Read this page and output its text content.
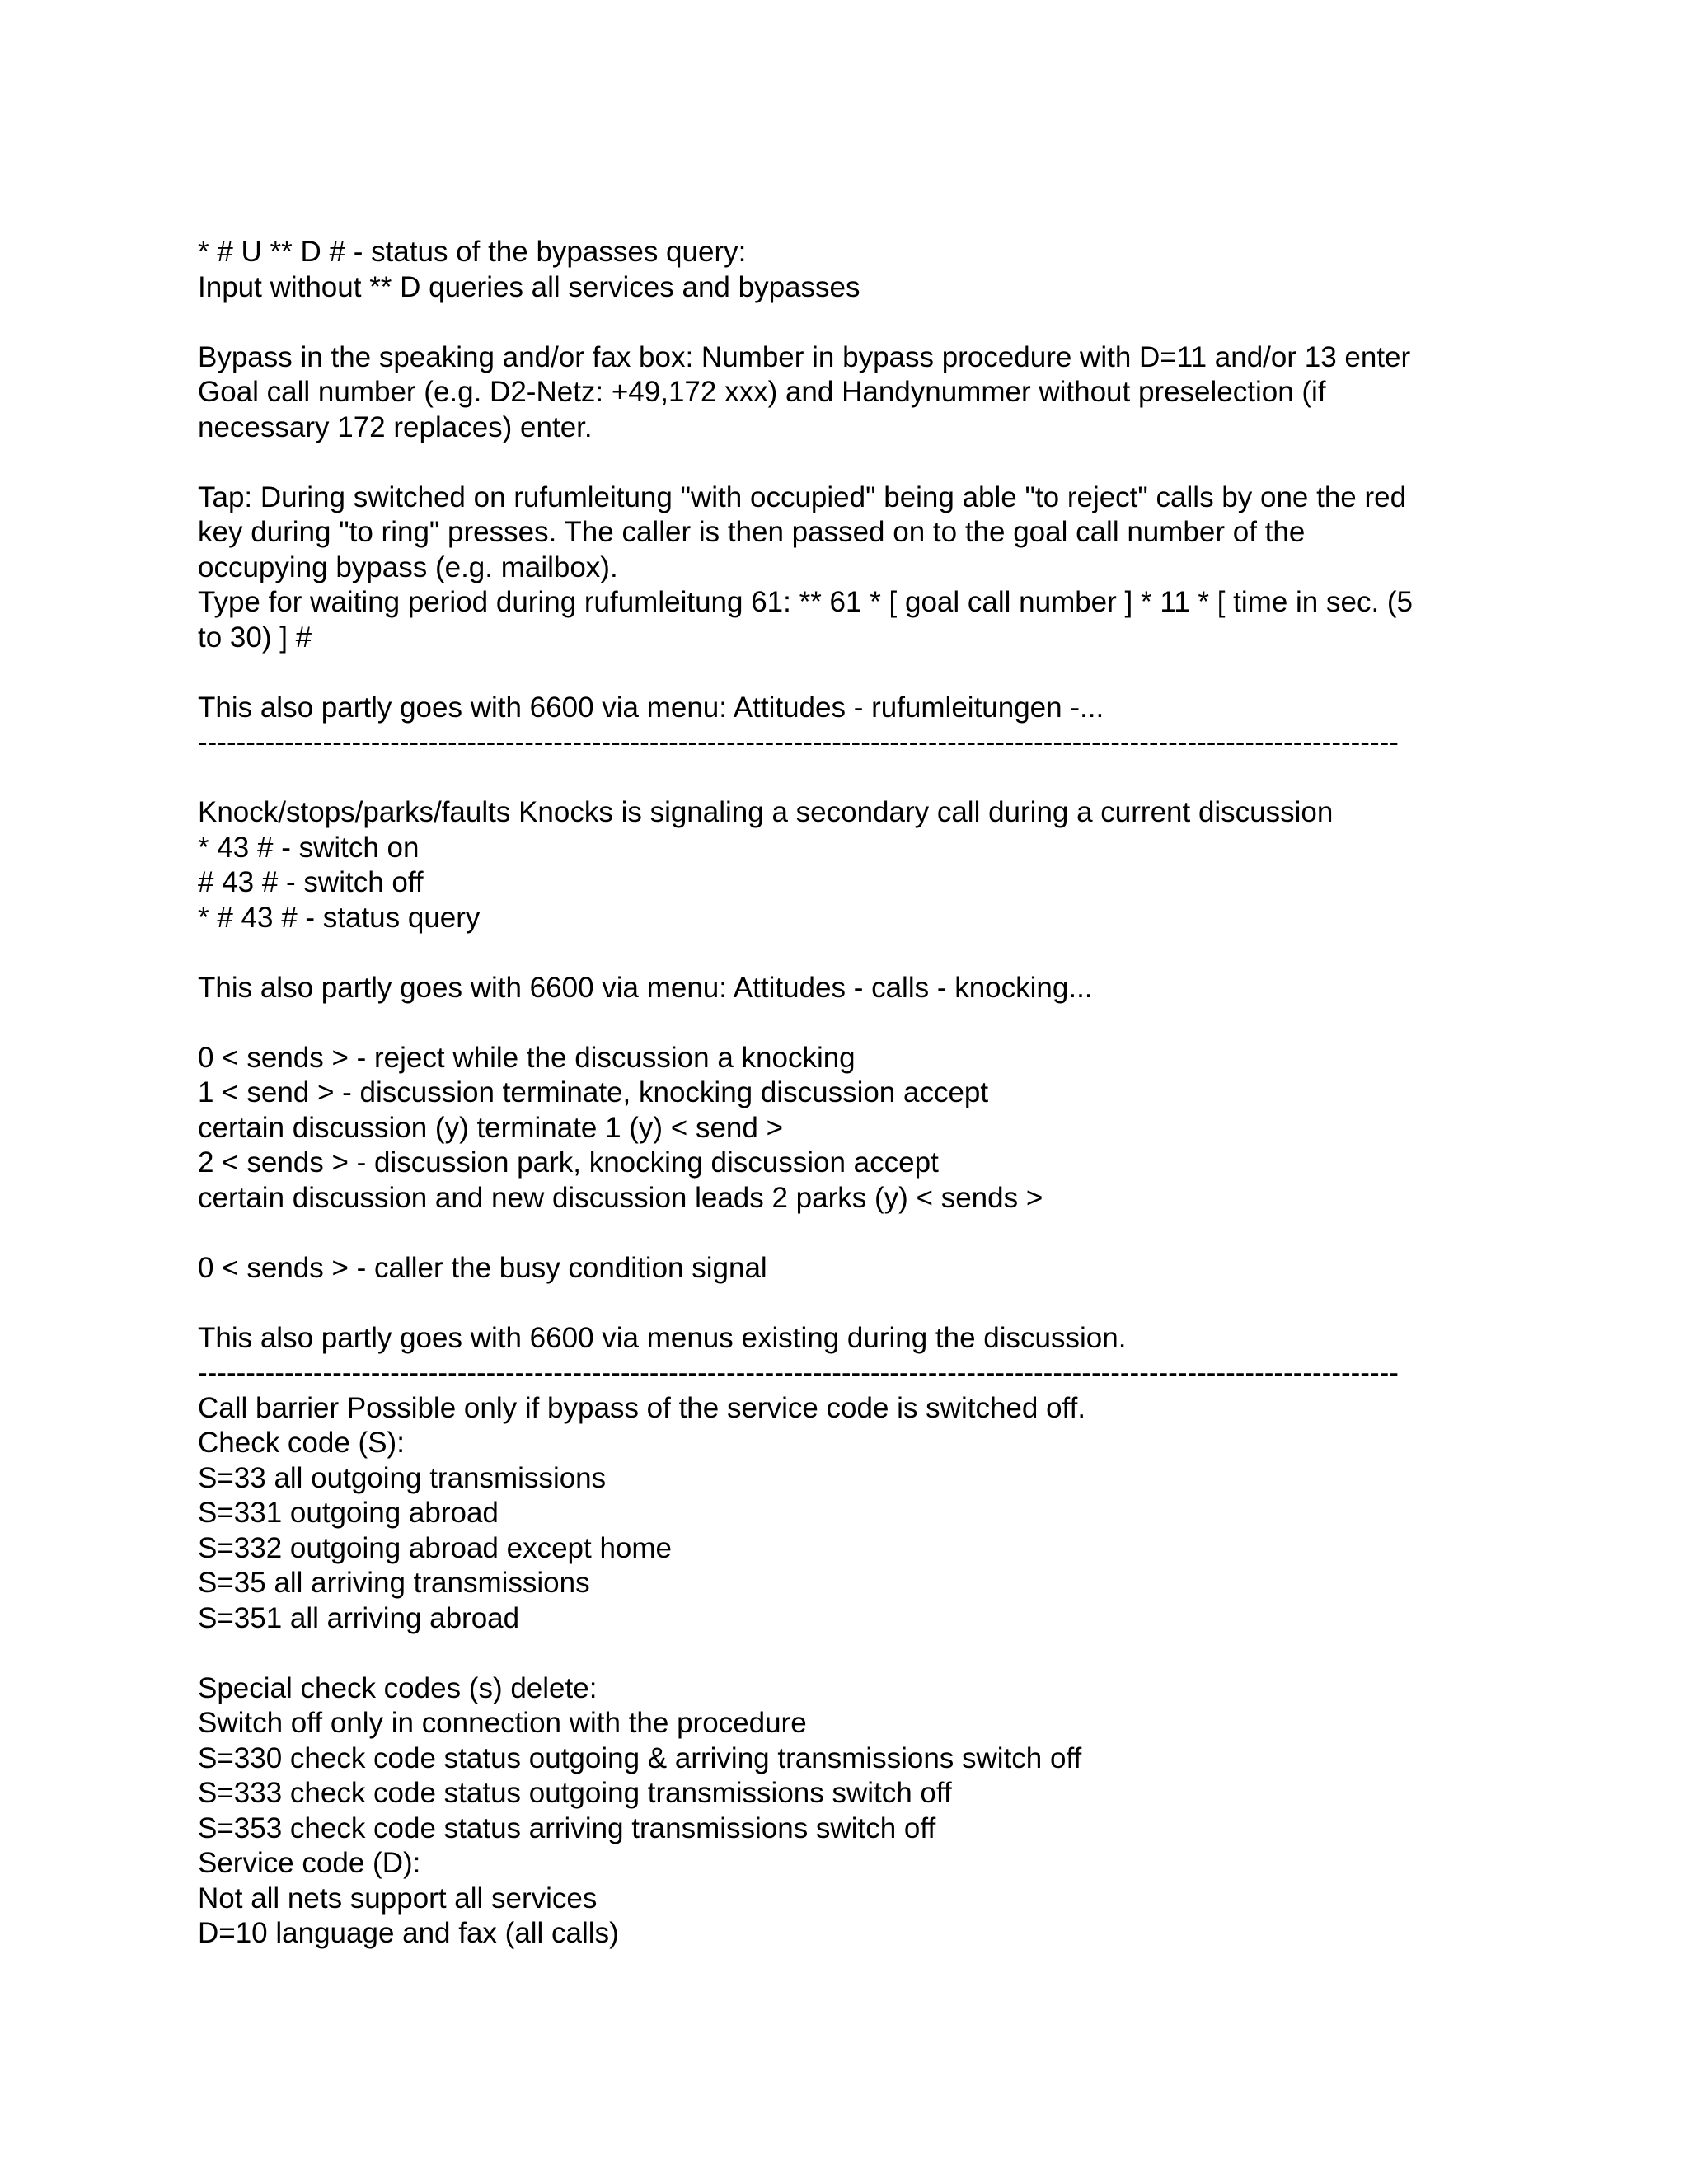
* # U ** D # - status of the bypasses query:
Input without ** D queries all services and bypasses
Bypass in the speaking and/or fax box: Number in bypass procedure with D=11 and/or 13 enter
Goal call number (e.g. D2-Netz: +49,172 xxx) and Handynummer without preselection (if
necessary 172 replaces) enter.
Tap: During switched on rufumleitung "with occupied" being able "to reject" calls by one the red
key during "to ring" presses. The caller is then passed on to the goal call number of the
occupying bypass (e.g. mailbox).
Type for waiting period during rufumleitung 61: ** 61 * [ goal call number ] * 11 * [ time in sec. (5
to 30) ] #
This also partly goes with 6600 via menu: Attitudes - rufumleitungen -...
-----------------------------------------------------------------------------------------------------------------------------
Knock/stops/parks/faults Knocks is signaling a secondary call during a current discussion
* 43 # - switch on
# 43 # - switch off
* # 43 # - status query
This also partly goes with 6600 via menu: Attitudes - calls - knocking...
0 < sends > - reject while the discussion a knocking
1 < send > - discussion terminate, knocking discussion accept
certain discussion (y) terminate 1 (y) < send >
2 < sends > - discussion park, knocking discussion accept
certain discussion and new discussion leads 2 parks (y) < sends >
0 < sends > - caller the busy condition signal
This also partly goes with 6600 via menus existing during the discussion.
-----------------------------------------------------------------------------------------------------------------------------
Call barrier Possible only if bypass of the service code is switched off.
Check code (S):
S=33 all outgoing transmissions
S=331 outgoing abroad
S=332 outgoing abroad except home
S=35 all arriving transmissions
S=351 all arriving abroad
Special check codes (s) delete:
Switch off only in connection with the procedure
S=330 check code status outgoing & arriving transmissions switch off
S=333 check code status outgoing transmissions switch off
S=353 check code status arriving transmissions switch off
Service code (D):
Not all nets support all services
D=10 language and fax (all calls)
